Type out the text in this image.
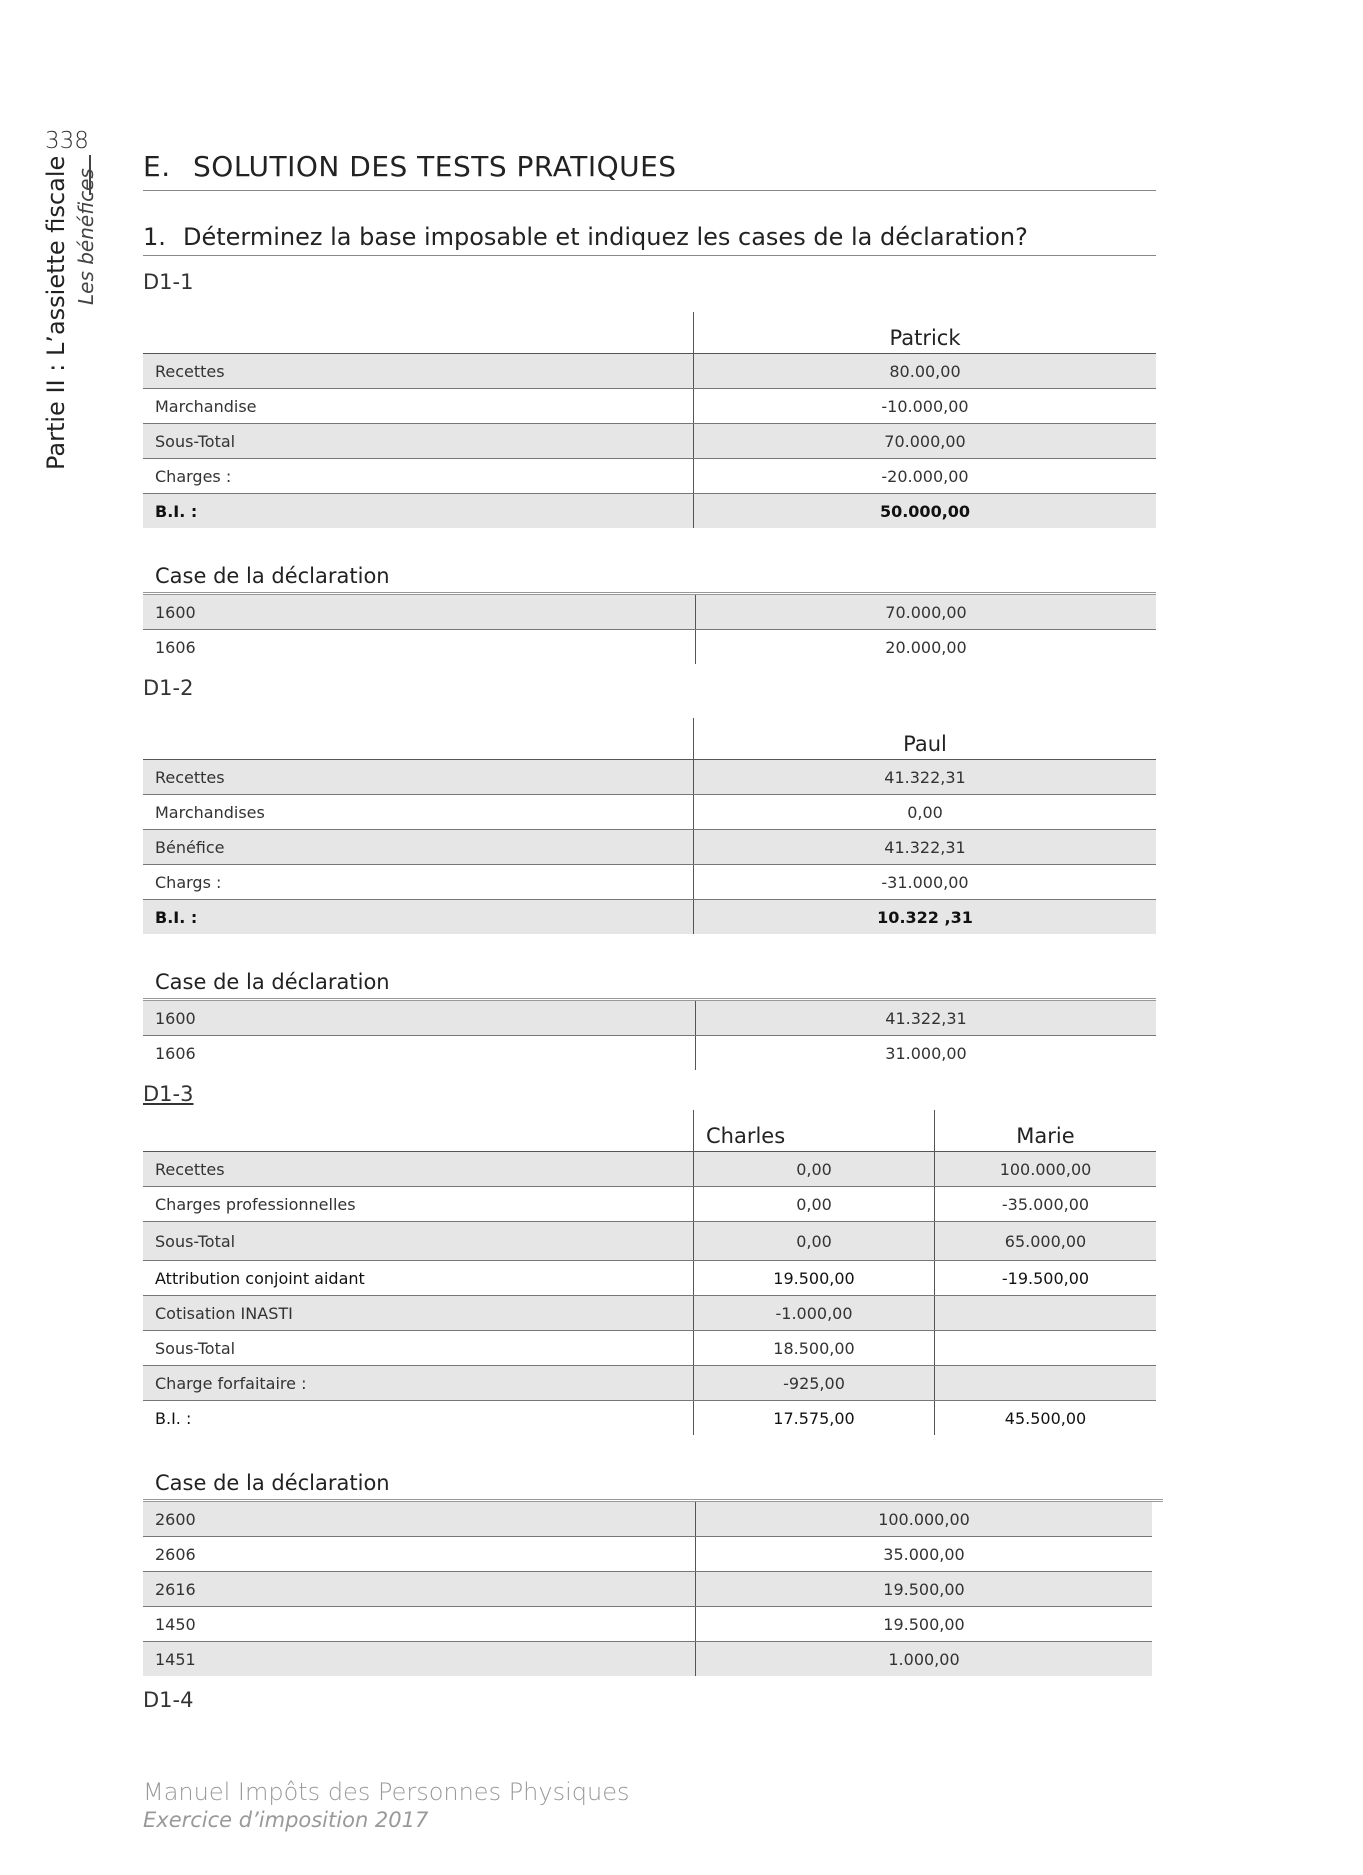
338
Partie II : L’assiette fiscale Les bénéfices
E. SOLUTION DES TESTS PRATIQUES
1. Déterminez la base imposable et indiquez les cases de la déclaration?
D1-1
	Patrick
Recettes	80.00,00
Marchandise	-10.000,00
Sous-Total	70.000,00
Charges :	-20.000,00
B.I. :	50.000,00
Case de la déclaration
1600	70.000,00
1606	20.000,00
D1-2
	Paul
Recettes	41.322,31
Marchandises	0,00
Bénéfice	41.322,31
Chargs :	-31.000,00
B.I. :	10.322 ,31
Case de la déclaration
1600	41.322,31
1606	31.000,00
D1-3
	Charles	Marie
Recettes	0,00	100.000,00
Charges professionnelles	0,00	-35.000,00
Sous-Total	0,00	65.000,00
Attribution conjoint aidant	19.500,00	-19.500,00
Cotisation INASTI	-1.000,00	
Sous-Total	18.500,00	
Charge forfaitaire :	-925,00	
B.I. :	17.575,00	45.500,00
Case de la déclaration
2600	100.000,00
2606	35.000,00
2616	19.500,00
1450	19.500,00
1451	1.000,00
D1-4
Manuel Impôts des Personnes Physiques
Exercice d’imposition 2017
